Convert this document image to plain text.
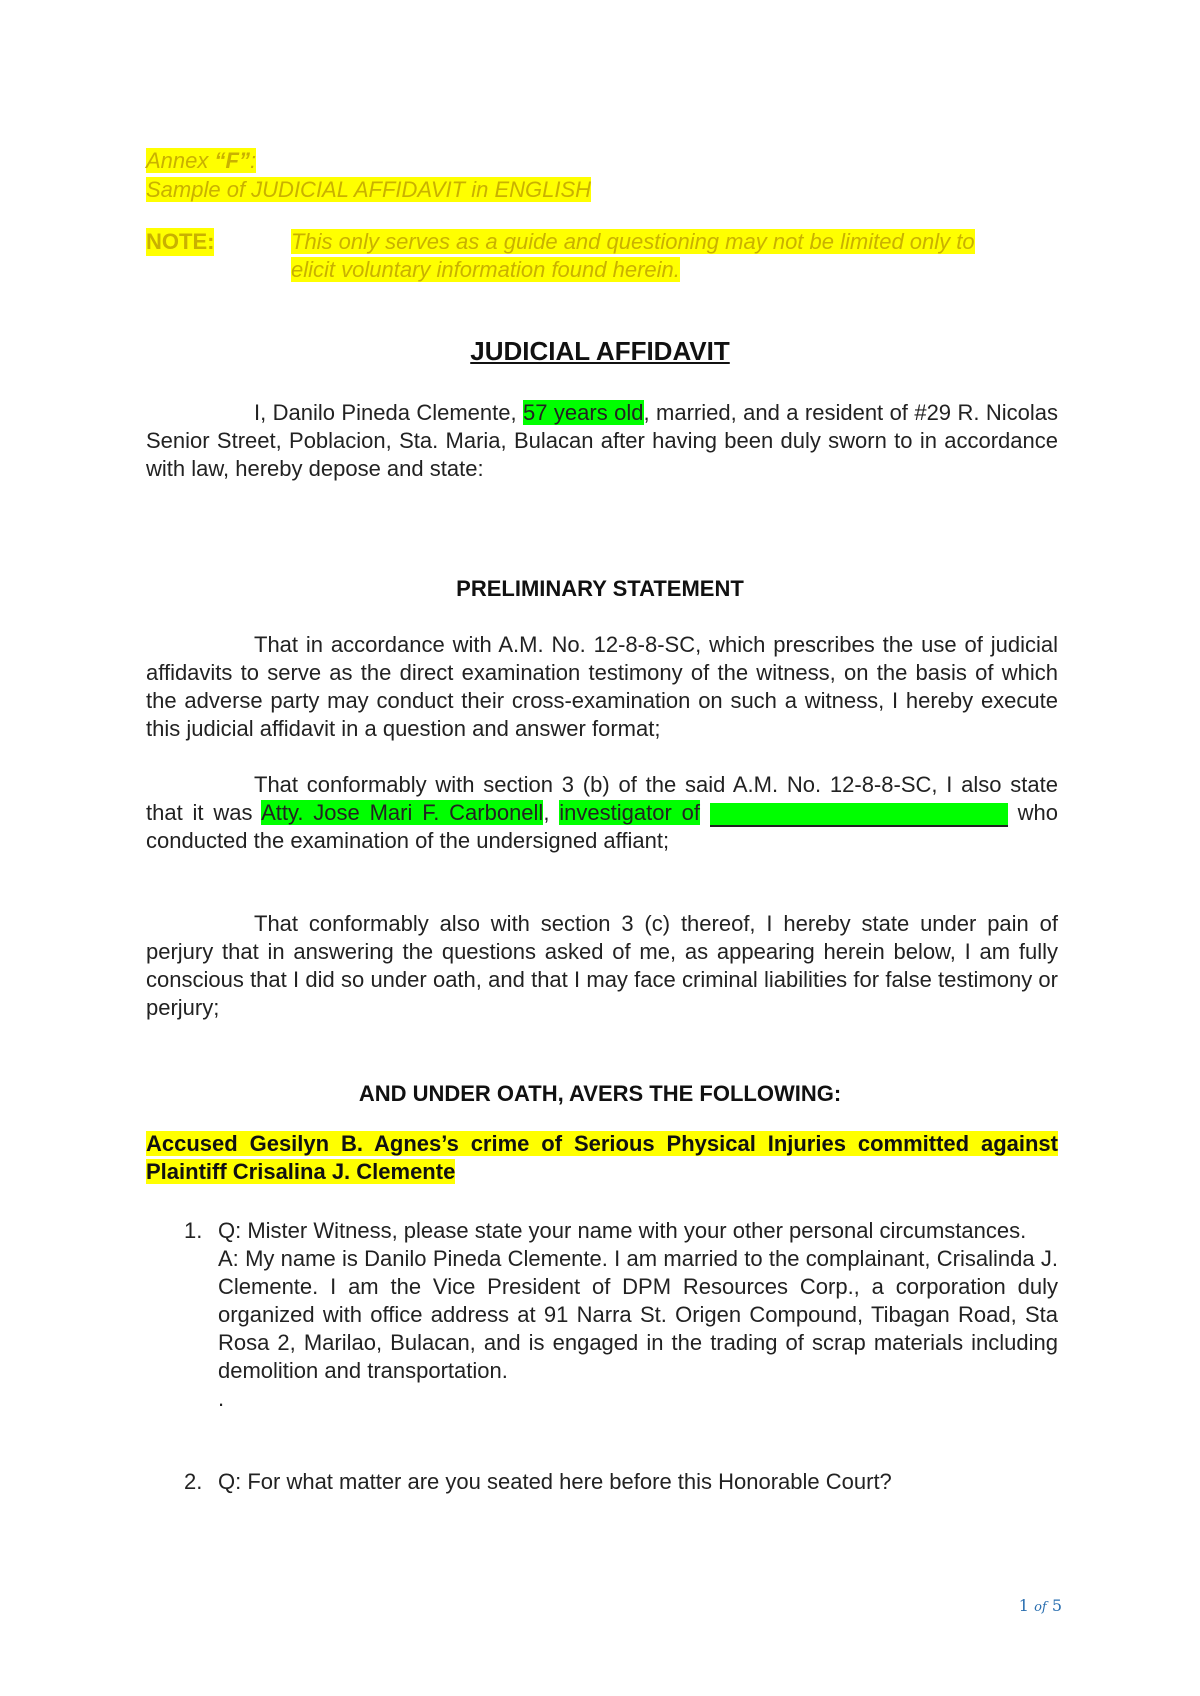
Annex “F”:
Sample of JUDICIAL AFFIDAVIT in ENGLISH
NOTE:	This only serves as a guide and questioning may not be limited only to
elicit voluntary information found herein.
JUDICIAL AFFIDAVIT
I, Danilo Pineda Clemente, 57 years old, married, and a resident of #29 R. Nicolas Senior Street, Poblacion, Sta. Maria, Bulacan after having been duly sworn to in accordance with law, hereby depose and state:
PRELIMINARY STATEMENT
That in accordance with A.M. No. 12-8-8-SC, which prescribes the use of judicial affidavits to serve as the direct examination testimony of the witness, on the basis of which the adverse party may conduct their cross-examination on such a witness, I hereby execute this judicial affidavit in a question and answer format;
That conformably with section 3 (b) of the said A.M. No. 12-8-8-SC, I also state that it was Atty. Jose Mari F. Carbonell, investigator of	who conducted the examination of the undersigned affiant;
That conformably also with section 3 (c) thereof, I hereby state under pain of perjury that in answering the questions asked of me, as appearing herein below, I am fully conscious that I did so under oath, and that I may face criminal liabilities for false testimony or perjury;
AND UNDER OATH, AVERS THE FOLLOWING:
Accused Gesilyn B. Agnes’s crime of Serious Physical Injuries committed against Plaintiff Crisalina J. Clemente
1. Q: Mister Witness, please state your name with your other personal circumstances.
A: My name is Danilo Pineda Clemente. I am married to the complainant, Crisalinda J. Clemente. I am the Vice President of DPM Resources Corp., a corporation duly organized with office address at 91 Narra St. Origen Compound, Tibagan Road, Sta Rosa 2, Marilao, Bulacan, and is engaged in the trading of scrap materials including demolition and transportation.
.
2. Q: For what matter are you seated here before this Honorable Court?
1 of 5
